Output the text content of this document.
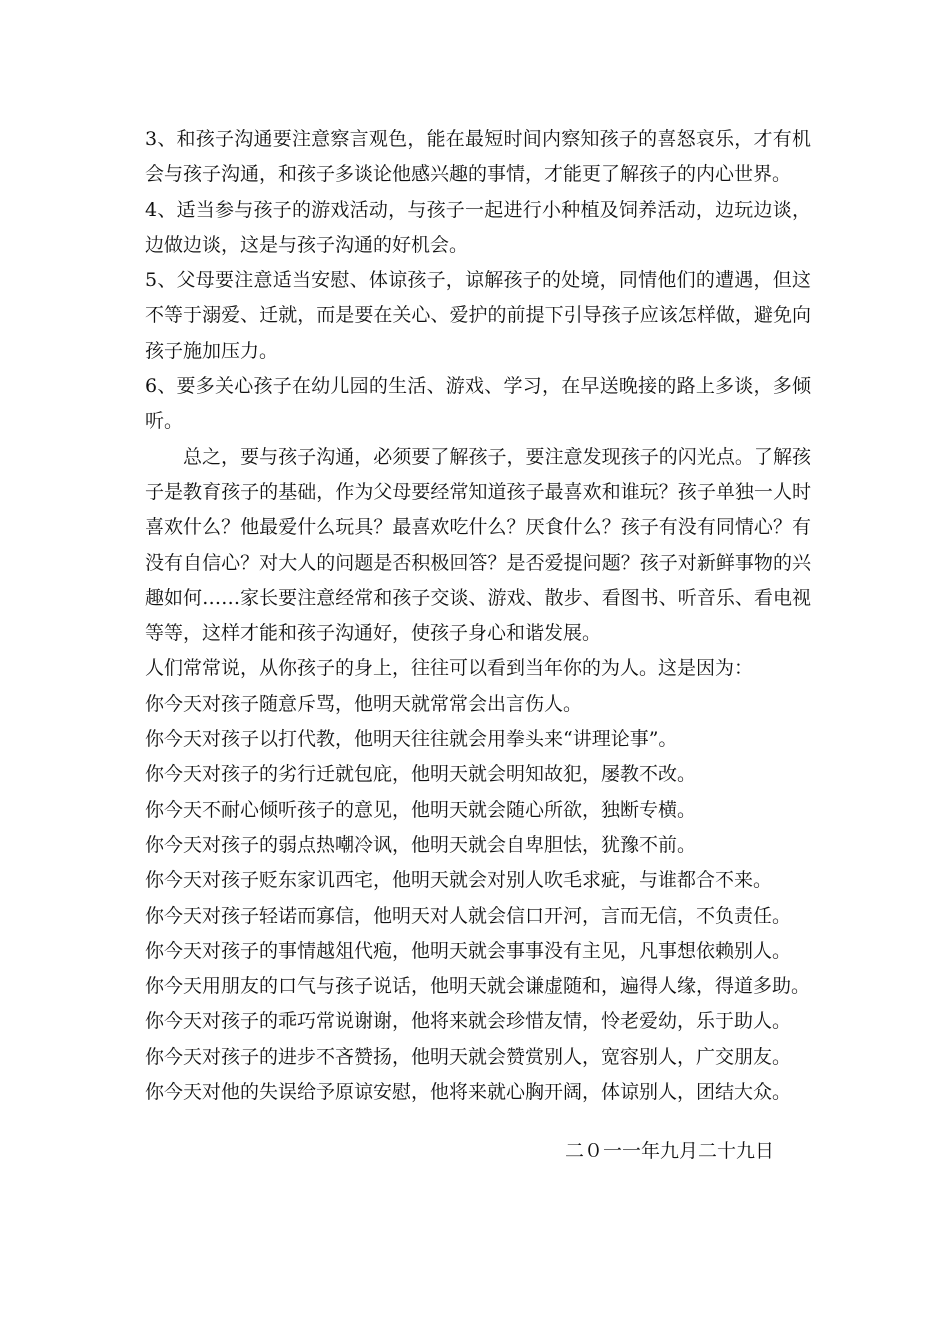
3、和孩子沟通要注意察言观色，能在最短时间内察知孩子的喜怒哀乐，才有机会与孩子沟通，和孩子多谈论他感兴趣的事情，才能更了解孩子的内心世界。

4、适当参与孩子的游戏活动，与孩子一起进行小种植及饲养活动，边玩边谈，边做边谈，这是与孩子沟通的好机会。

5、父母要注意适当安慰、体谅孩子，谅解孩子的处境，同情他们的遭遇，但这不等于溺爱、迁就，而是要在关心、爱护的前提下引导孩子应该怎样做，避免向孩子施加压力。

6、要多关心孩子在幼儿园的生活、游戏、学习，在早送晚接的路上多谈，多倾听。

总之，要与孩子沟通，必须要了解孩子，要注意发现孩子的闪光点。了解孩子是教育孩子的基础，作为父母要经常知道孩子最喜欢和谁玩？孩子单独一人时喜欢什么？他最爱什么玩具？最喜欢吃什么？厌食什么？孩子有没有同情心？有没有自信心？对大人的问题是否积极回答？是否爱提问题？孩子对新鲜事物的兴趣如何……家长要注意经常和孩子交谈、游戏、散步、看图书、听音乐、看电视等等，这样才能和孩子沟通好，使孩子身心和谐发展。

人们常常说，从你孩子的身上，往往可以看到当年你的为人。这是因为：

你今天对孩子随意斥骂，他明天就常常会出言伤人。

你今天对孩子以打代教，他明天往往就会用拳头来“讲理论事”。

你今天对孩子的劣行迁就包庇，他明天就会明知故犯，屡教不改。

你今天不耐心倾听孩子的意见，他明天就会随心所欲，独断专横。

你今天对孩子的弱点热嘲冷讽，他明天就会自卑胆怯，犹豫不前。

你今天对孩子贬东家讥西宅，他明天就会对别人吹毛求疵，与谁都合不来。

你今天对孩子轻诺而寡信，他明天对人就会信口开河，言而无信，不负责任。

你今天对孩子的事情越俎代疱，他明天就会事事没有主见，凡事想依赖别人。

你今天用朋友的口气与孩子说话，他明天就会谦虚随和，遍得人缘，得道多助。

你今天对孩子的乖巧常说谢谢，他将来就会珍惜友情，怜老爱幼，乐于助人。

你今天对孩子的进步不吝赞扬，他明天就会赞赏别人，宽容别人，广交朋友。

你今天对他的失误给予原谅安慰，他将来就心胸开阔，体谅别人，团结大众。

二０一一年九月二十九日
